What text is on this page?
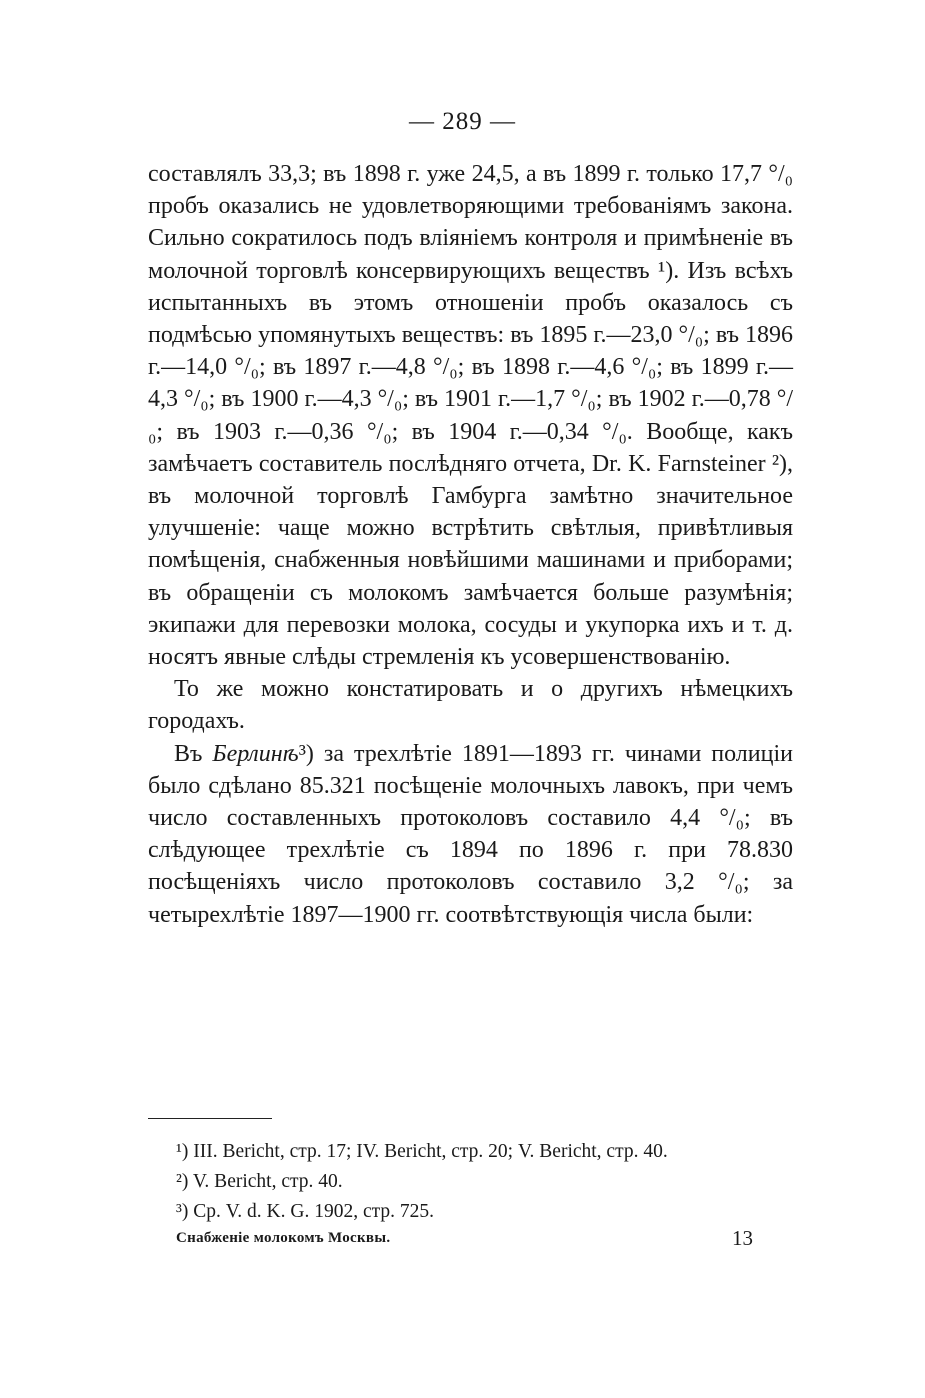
— 289 —

составлялъ 33,3; въ 1898 г. уже 24,5, а въ 1899 г. только 17,7 °/₀ пробъ оказались не удовлетворяющими требованіямъ закона. Сильно сократилось подъ вліяніемъ контроля и примѣненіе въ молочной торговлѣ консервирующихъ веществъ ¹). Изъ всѣхъ испытанныхъ въ этомъ отношеніи пробъ оказалось съ подмѣсью упомянутыхъ веществъ: въ 1895 г.—23,0 °/₀; въ 1896 г.—14,0 °/₀; въ 1897 г.—4,8 °/₀; въ 1898 г.—4,6 °/₀; въ 1899 г.—4,3 °/₀; въ 1900 г.—4,3 °/₀; въ 1901 г.—1,7 °/₀; въ 1902 г.—0,78 °/₀; въ 1903 г.—0,36 °/₀; въ 1904 г.—0,34 °/₀. Вообще, какъ замѣчаетъ составитель послѣдняго отчета, Dr. K. Farnsteiner ²), въ молочной торговлѣ Гамбурга замѣтно значительное улучшеніе: чаще можно встрѣтить свѣтлыя, привѣтливыя помѣщенія, снабженныя новѣйшими машинами и приборами; въ обращеніи съ молокомъ замѣчается больше разумѣнія; экипажи для перевозки молока, сосуды и укупорка ихъ и т. д. носятъ явные слѣды стремленія къ усовершенствованію.

То же можно констатировать и о другихъ нѣмецкихъ городахъ.

Въ Берлинѣ³) за трехлѣтіе 1891—1893 гг. чинами полиціи было сдѣлано 85.321 посѣщеніе молочныхъ лавокъ, при чемъ число составленныхъ протоколовъ составило 4,4 °/₀; въ слѣдующее трехлѣтіе съ 1894 по 1896 г. при 78.830 посѣщеніяхъ число протоколовъ составило 3,2 °/₀; за четырехлѣтіе 1897—1900 гг. соотвѣтствующія числа были:

¹) III. Bericht, стр. 17; IV. Bericht, стр. 20; V. Bericht, стр. 40.
²) V. Bericht, стр. 40.
³) Ср. V. d. K. G. 1902, стр. 725.
Снабженіе молокомъ Москвы.	13
